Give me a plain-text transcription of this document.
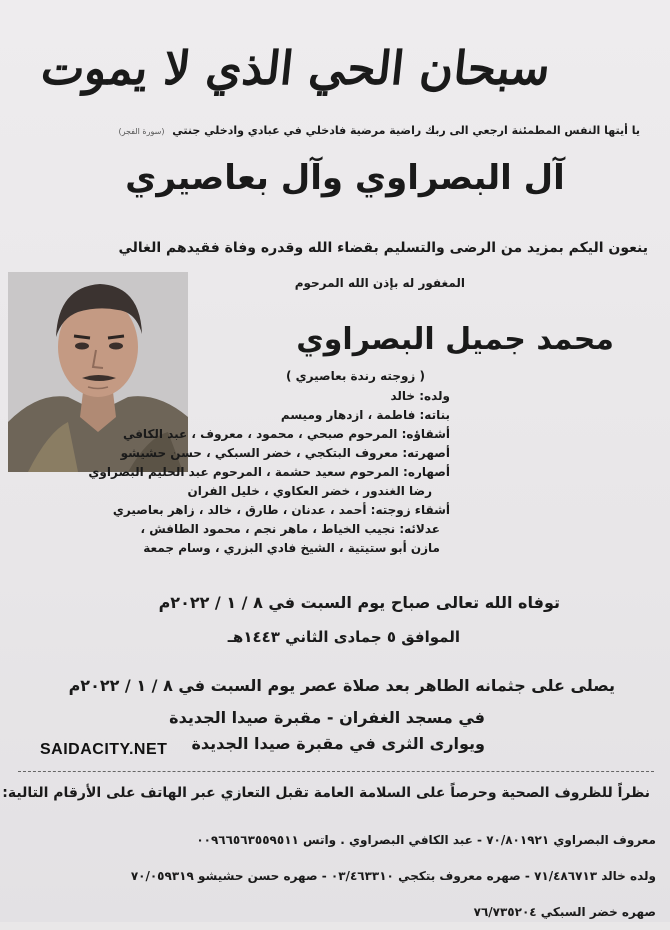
سبحان الحي الذي لا يموت
يا أيتها النفس المطمئنة ارجعي الى ربك راضية مرضية فادخلي في عبادي وادخلي جنتي (سورة الفجر)
آل البصراوي وآل بعاصيري
ينعون اليكم بمزيد من الرضى والتسليم بقضاء الله وقدره وفاة فقيدهم الغالي
المغفور له بإذن الله المرحوم
محمد جميل البصراوي
( زوجته رندة بعاصيري )
ولده: خالد
بناته: فاطمة ، ازدهار وميسم
أشقاؤه: المرحوم صبحي ، محمود ، معروف ، عبد الكافي
أصهرته: معروف البتكجي ، خضر السبكي ، حسن حشيشو
أصهاره: المرحوم سعيد حشمة ، المرحوم عبد الحليم البصراوي
رضا الغندور ، خضر العكاوي ، خليل الفران
أشقاء زوجته: أحمد ، عدنان ، طارق ، خالد ، زاهر بعاصيري
عدلائه: نجيب الخياط ، ماهر نجم ، محمود الطافش ،
مازن أبو ستيتية ، الشيخ فادي البزري ، وسام جمعة
توفاه الله تعالى صباح يوم السبت في ٨ / ١ / ٢٠٢٢م
الموافق ٥ جمادى الثاني ١٤٤٣هـ
يصلى على جثمانه الطاهر بعد صلاة عصر يوم السبت في ٨ / ١ / ٢٠٢٢م
في مسجد الغفران - مقبرة صيدا الجديدة
ويوارى الثرى في مقبرة صيدا الجديدة
SAIDACITY.NET
نظراً للظروف الصحية وحرصاً على السلامة العامة تقبل التعازي عبر الهاتف على الأرقام التالية:
معروف البصراوي ٧٠/٨٠١٩٢١ - عبد الكافي البصراوي . واتس ٠٠٩٦٦٥٦٣٥٥٩٥١١
ولده خالد ٧١/٤٨٦٧١٣ - صهره معروف بتكجي ٠٣/٤٦٣٣١٠ - صهره حسن حشيشو ٧٠/٠٥٩٣١٩
صهره خضر السبكي ٧٦/٧٣٥٢٠٤
